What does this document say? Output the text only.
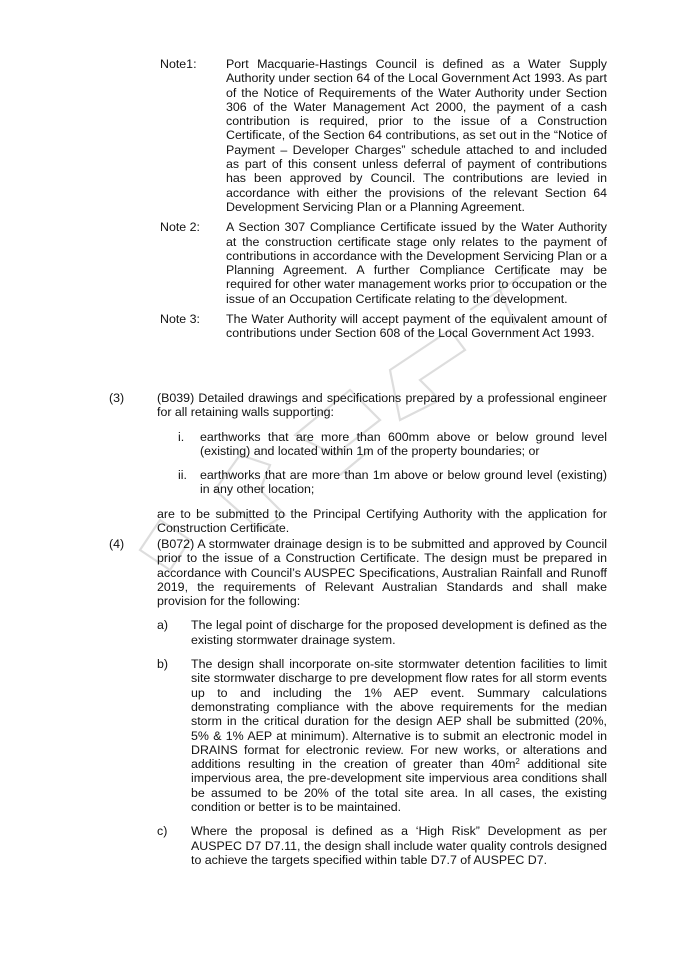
Note1:	Port Macquarie-Hastings Council is defined as a Water Supply Authority under section 64 of the Local Government Act 1993. As part of the Notice of Requirements of the Water Authority under Section 306 of the Water Management Act 2000, the payment of a cash contribution is required, prior to the issue of a Construction Certificate, of the Section 64 contributions, as set out in the “Notice of Payment – Developer Charges” schedule attached to and included as part of this consent unless deferral of payment of contributions has been approved by Council. The contributions are levied in accordance with either the provisions of the relevant Section 64 Development Servicing Plan or a Planning Agreement.
Note 2:	A Section 307 Compliance Certificate issued by the Water Authority at the construction certificate stage only relates to the payment of contributions in accordance with the Development Servicing Plan or a Planning Agreement. A further Compliance Certificate may be required for other water management works prior to occupation or the issue of an Occupation Certificate relating to the development.
Note 3:	The Water Authority will accept payment of the equivalent amount of contributions under Section 608 of the Local Government Act 1993.
(3)	(B039) Detailed drawings and specifications prepared by a professional engineer for all retaining walls supporting:
i.	earthworks that are more than 600mm above or below ground level (existing) and located within 1m of the property boundaries; or
ii.	earthworks that are more than 1m above or below ground level (existing) in any other location;
are to be submitted to the Principal Certifying Authority with the application for Construction Certificate.
(4)	(B072) A stormwater drainage design is to be submitted and approved by Council prior to the issue of a Construction Certificate. The design must be prepared in accordance with Council’s AUSPEC Specifications, Australian Rainfall and Runoff 2019, the requirements of Relevant Australian Standards and shall make provision for the following:
a)	The legal point of discharge for the proposed development is defined as the existing stormwater drainage system.
b)	The design shall incorporate on-site stormwater detention facilities to limit site stormwater discharge to pre development flow rates for all storm events up to and including the 1% AEP event. Summary calculations demonstrating compliance with the above requirements for the median storm in the critical duration for the design AEP shall be submitted (20%, 5% & 1% AEP at minimum). Alternative is to submit an electronic model in DRAINS format for electronic review. For new works, or alterations and additions resulting in the creation of greater than $40m^2$ additional site impervious area, the pre-development site impervious area conditions shall be assumed to be 20% of the total site area. In all cases, the existing condition or better is to be maintained.
c)	Where the proposal is defined as a ‘High Risk” Development as per AUSPEC D7 D7.11, the design shall include water quality controls designed to achieve the targets specified within table D7.7 of AUSPEC D7.
